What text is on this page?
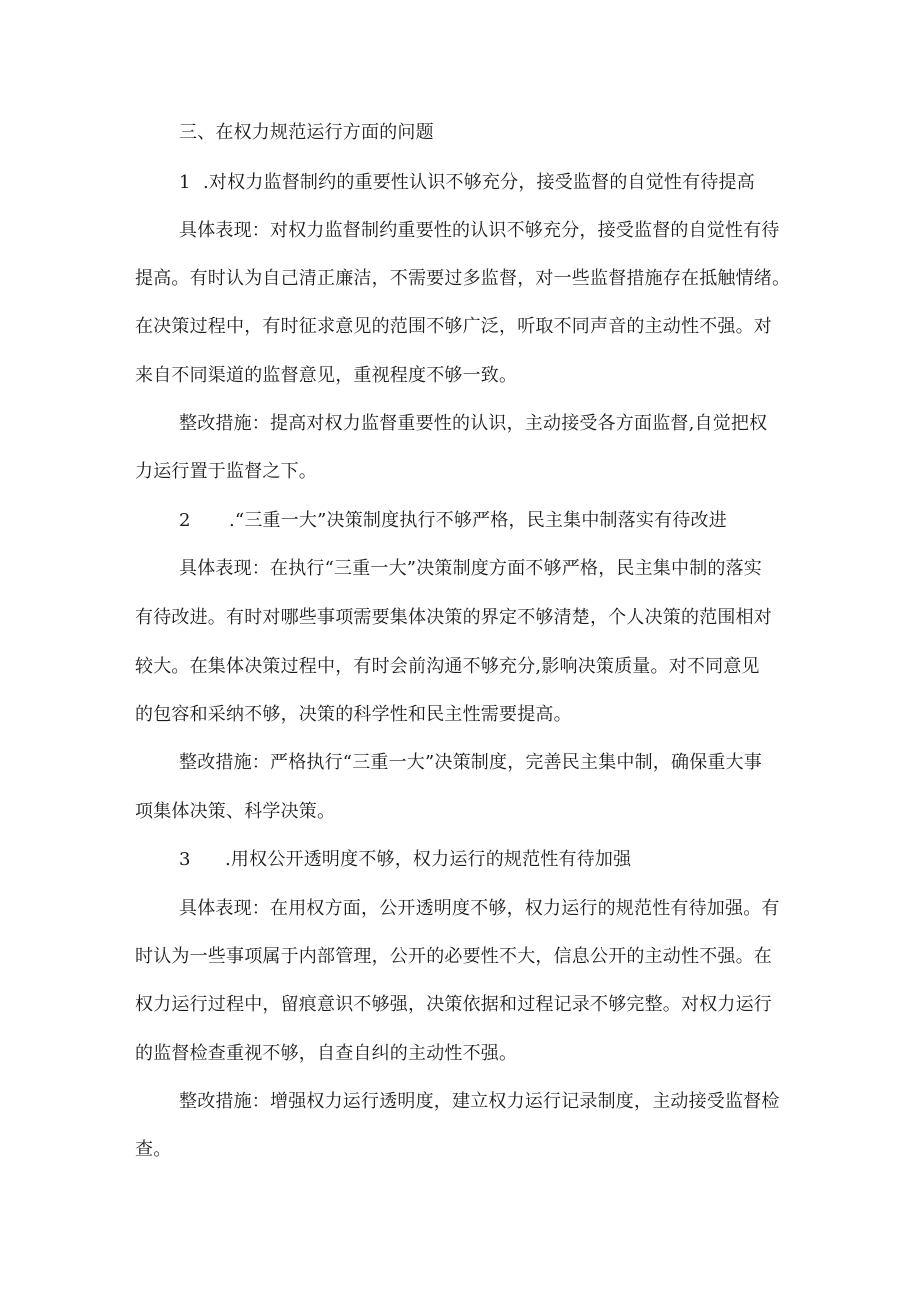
三、在权力规范运行方面的问题
1 .对权力监督制约的重要性认识不够充分，接受监督的自觉性有待提高
具体表现：对权力监督制约重要性的认识不够充分，接受监督的自觉性有待
提高。有时认为自己清正廉洁，不需要过多监督，对一些监督措施存在抵触情绪。
在决策过程中，有时征求意见的范围不够广泛，听取不同声音的主动性不强。对
来自不同渠道的监督意见，重视程度不够一致。
整改措施：提高对权力监督重要性的认识，主动接受各方面监督,自觉把权
力运行置于监督之下。
2 .“三重一大”决策制度执行不够严格，民主集中制落实有待改进
具体表现：在执行“三重一大”决策制度方面不够严格，民主集中制的落实
有待改进。有时对哪些事项需要集体决策的界定不够清楚，个人决策的范围相对
较大。在集体决策过程中，有时会前沟通不够充分,影响决策质量。对不同意见
的包容和采纳不够，决策的科学性和民主性需要提高。
整改措施：严格执行“三重一大”决策制度，完善民主集中制，确保重大事
项集体决策、科学决策。
3 .用权公开透明度不够，权力运行的规范性有待加强
具体表现：在用权方面，公开透明度不够，权力运行的规范性有待加强。有
时认为一些事项属于内部管理，公开的必要性不大，信息公开的主动性不强。在
权力运行过程中，留痕意识不够强，决策依据和过程记录不够完整。对权力运行
的监督检查重视不够，自查自纠的主动性不强。
整改措施：增强权力运行透明度，建立权力运行记录制度，主动接受监督检
查。
